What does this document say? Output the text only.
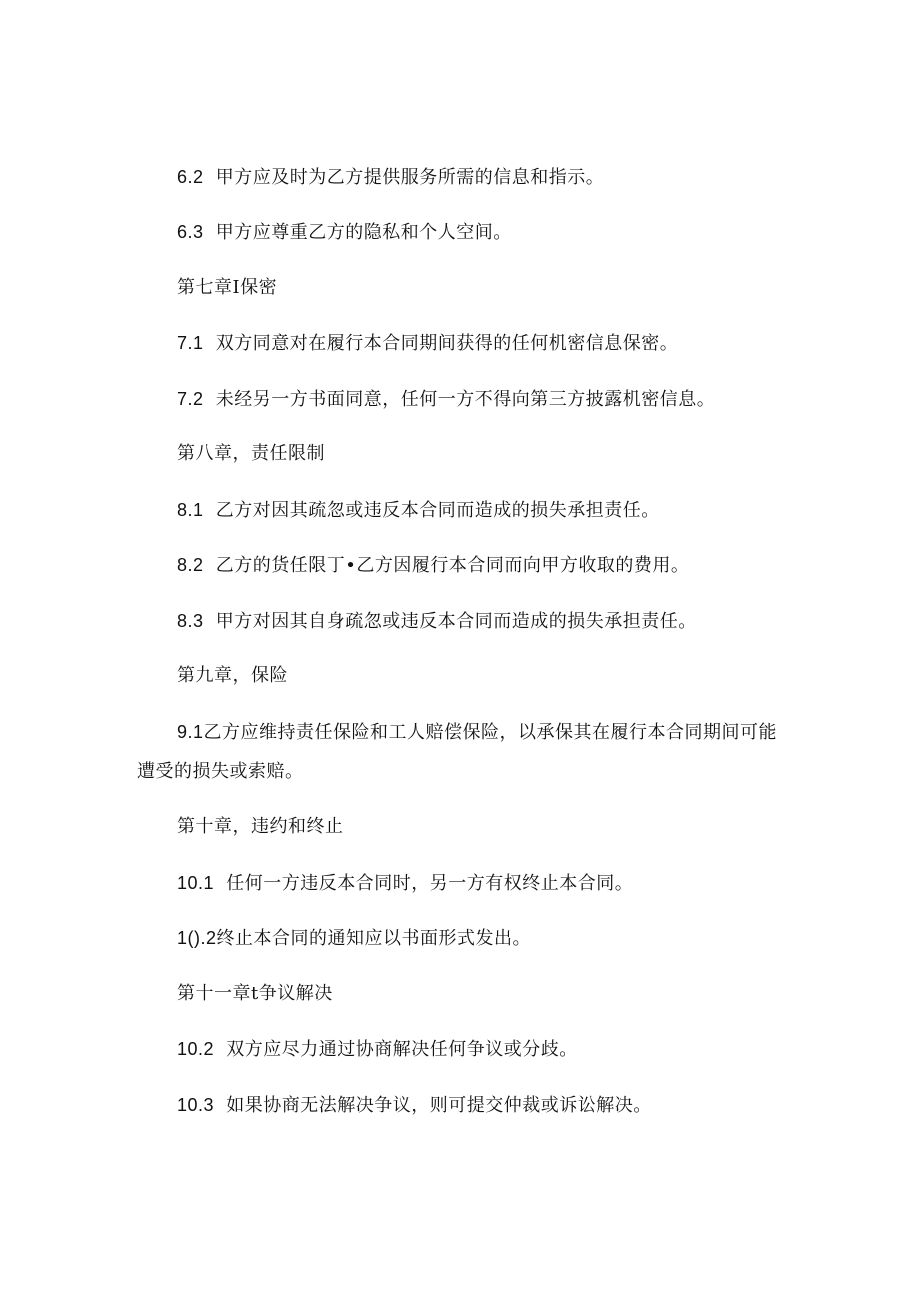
6.2 甲方应及时为乙方提供服务所需的信息和指示。
6.3 甲方应尊重乙方的隐私和个人空间。
第七章I保密
7.1 双方同意对在履行本合同期间获得的任何机密信息保密。
7.2 未经另一方书面同意，任何一方不得向第三方披露机密信息。
第八章，责任限制
8.1 乙方对因其疏忽或违反本合同而造成的损失承担责任。
8.2 乙方的货任限丁•乙方因履行本合同而向甲方收取的费用。
8.3 甲方对因其自身疏忽或违反本合同而造成的损失承担责任。
第九章，保险
9.1乙方应维持责任保险和工人赔偿保险，以承保其在履行本合同期间可能
遭受的损失或索赔。
第十章，违约和终止
10.1 任何一方违反本合同时，另一方有权终止本合同。
1().2终止本合同的通知应以书面形式发出。
第十一章t争议解决
10.2 双方应尽力通过协商解决任何争议或分歧。
10.3 如果协商无法解决争议，则可提交仲裁或诉讼解决。
